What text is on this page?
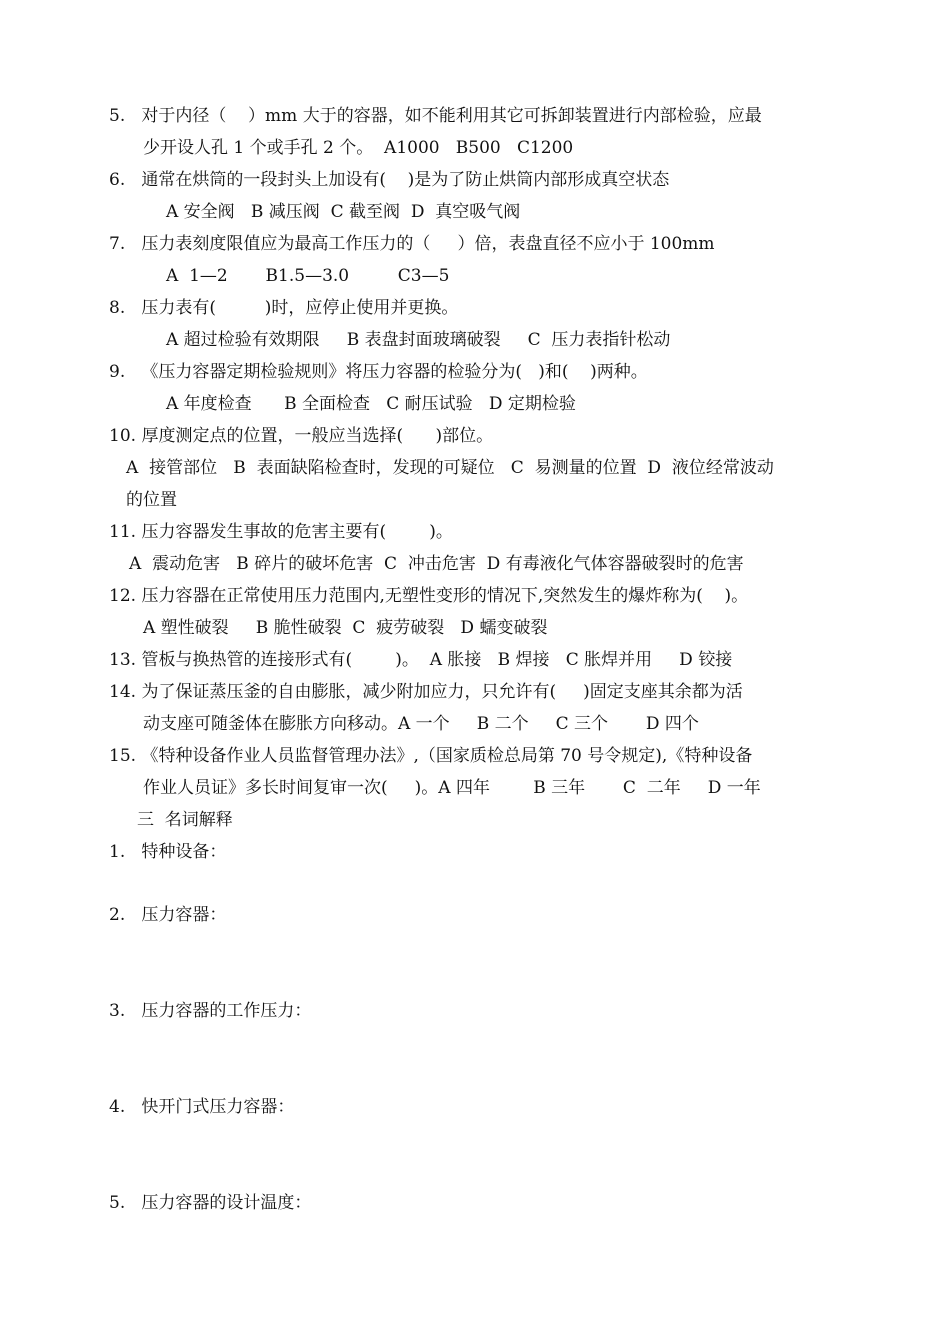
5.   对于内径（    ）mm 大于的容器，如不能利用其它可拆卸装置进行内部检验，应最

少开设人孔 1 个或手孔 2 个。  A1000   B500   C1200

6.   通常在烘筒的一段封头上加设有(    )是为了防止烘筒内部形成真空状态

A 安全阀   B 减压阀  C 截至阀  D  真空吸气阀

7.   压力表刻度限值应为最高工作压力的（     ）倍，表盘直径不应小于 100mm

A  1—2       B1.5—3.0         C3—5

8.   压力表有(         )时，应停止使用并更换。

A 超过检验有效期限     B 表盘封面玻璃破裂     C  压力表指针松动

9.   《压力容器定期检验规则》将压力容器的检验分为(   )和(    )两种。

A 年度检查      B 全面检查   C 耐压试验   D 定期检验

10. 厚度测定点的位置，一般应当选择(      )部位。

A  接管部位   B  表面缺陷检查时，发现的可疑位   C  易测量的位置  D  液位经常波动

的位置

11. 压力容器发生事故的危害主要有(        )。

A  震动危害   B 碎片的破坏危害  C  冲击危害  D 有毒液化气体容器破裂时的危害

12. 压力容器在正常使用压力范围内,无塑性变形的情况下,突然发生的爆炸称为(    )。

A 塑性破裂     B 脆性破裂  C  疲劳破裂   D 蠕变破裂

13. 管板与换热管的连接形式有(        )。  A 胀接   B 焊接   C 胀焊并用     D 铰接

14. 为了保证蒸压釜的自由膨胀，减少附加应力，只允许有(     )固定支座其余都为活

动支座可随釜体在膨胀方向移动。A 一个     B 二个     C 三个       D 四个

15. 《特种设备作业人员监督管理办法》,（国家质检总局第 70 号令规定),《特种设备

作业人员证》多长时间复审一次(     )。A 四年        B 三年       C  二年     D 一年

三  名词解释

1.   特种设备：

2.   压力容器：

3.   压力容器的工作压力：

4.   快开门式压力容器：

5.   压力容器的设计温度：
